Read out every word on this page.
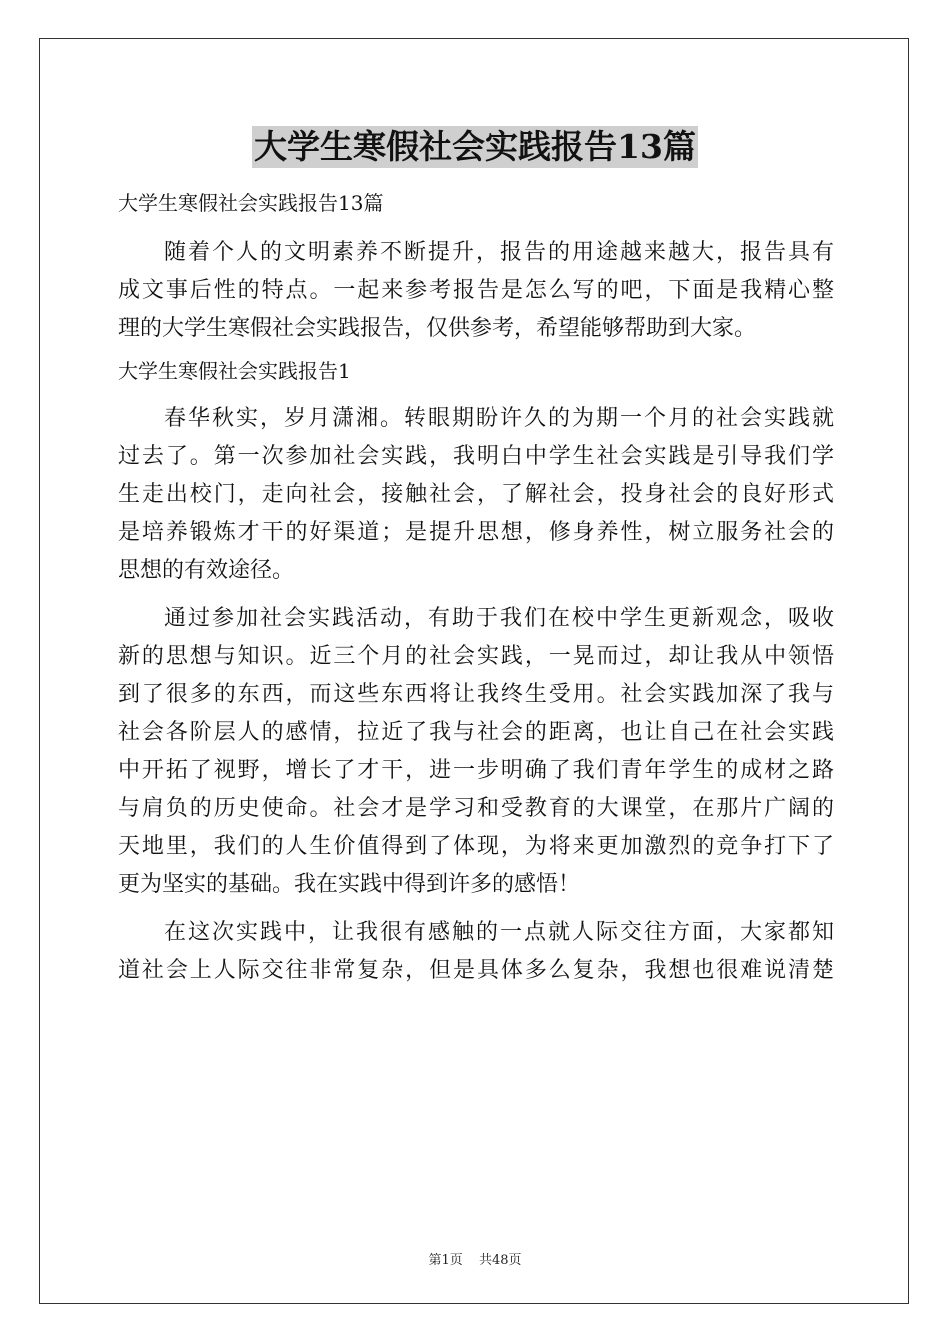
大学生寒假社会实践报告13篇
大学生寒假社会实践报告13篇
随着个人的文明素养不断提升，报告的用途越来越大，报告具有
成文事后性的特点。一起来参考报告是怎么写的吧，下面是我精心整
理的大学生寒假社会实践报告，仅供参考，希望能够帮助到大家。
大学生寒假社会实践报告1
春华秋实，岁月潇湘。转眼期盼许久的为期一个月的社会实践就
过去了。第一次参加社会实践，我明白中学生社会实践是引导我们学
生走出校门，走向社会，接触社会，了解社会，投身社会的良好形式
是培养锻炼才干的好渠道；是提升思想，修身养性，树立服务社会的
思想的有效途径。
通过参加社会实践活动，有助于我们在校中学生更新观念，吸收
新的思想与知识。近三个月的社会实践，一晃而过，却让我从中领悟
到了很多的东西，而这些东西将让我终生受用。社会实践加深了我与
社会各阶层人的感情，拉近了我与社会的距离，也让自己在社会实践
中开拓了视野，增长了才干，进一步明确了我们青年学生的成材之路
与肩负的历史使命。社会才是学习和受教育的大课堂，在那片广阔的
天地里，我们的人生价值得到了体现，为将来更加激烈的竞争打下了
更为坚实的基础。我在实践中得到许多的感悟！
在这次实践中，让我很有感触的一点就人际交往方面，大家都知
道社会上人际交往非常复杂，但是具体多么复杂，我想也很难说清楚
第1页 共48页
